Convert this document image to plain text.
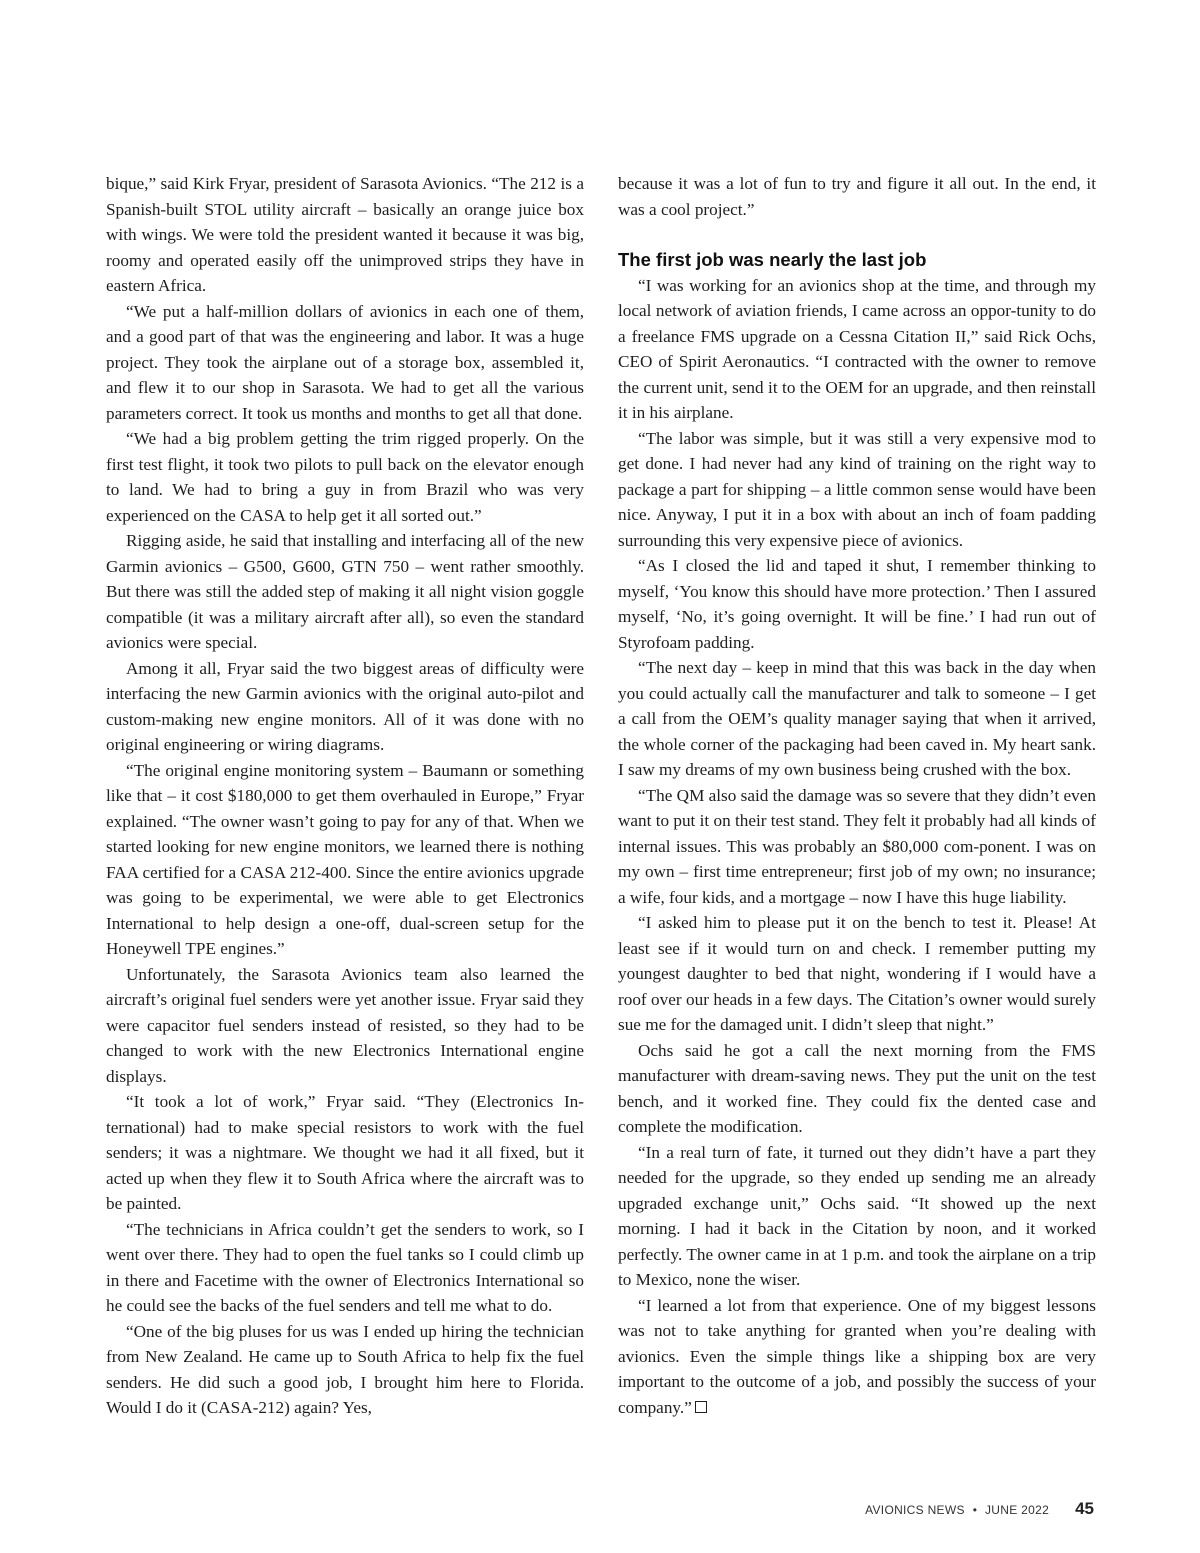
bique,” said Kirk Fryar, president of Sarasota Avionics. “The 212 is a Spanish-built STOL utility aircraft – basically an orange juice box with wings. We were told the president wanted it because it was big, roomy and operated easily off the unimproved strips they have in eastern Africa.

“We put a half-million dollars of avionics in each one of them, and a good part of that was the engineering and labor. It was a huge project. They took the airplane out of a storage box, assembled it, and flew it to our shop in Sarasota. We had to get all the various parameters correct. It took us months and months to get all that done.

“We had a big problem getting the trim rigged properly. On the first test flight, it took two pilots to pull back on the elevator enough to land. We had to bring a guy in from Brazil who was very experienced on the CASA to help get it all sorted out.”

Rigging aside, he said that installing and interfacing all of the new Garmin avionics – G500, G600, GTN 750 – went rather smoothly. But there was still the added step of making it all night vision goggle compatible (it was a military aircraft after all), so even the standard avionics were special.

Among it all, Fryar said the two biggest areas of difficulty were interfacing the new Garmin avionics with the original auto-pilot and custom-making new engine monitors. All of it was done with no original engineering or wiring diagrams.

“The original engine monitoring system – Baumann or something like that – it cost $180,000 to get them overhauled in Europe,” Fryar explained. “The owner wasn’t going to pay for any of that. When we started looking for new engine monitors, we learned there is nothing FAA certified for a CASA 212-400. Since the entire avionics upgrade was going to be experimental, we were able to get Electronics International to help design a one-off, dual-screen setup for the Honeywell TPE engines.”

Unfortunately, the Sarasota Avionics team also learned the aircraft’s original fuel senders were yet another issue. Fryar said they were capacitor fuel senders instead of resisted, so they had to be changed to work with the new Electronics International engine displays.

“It took a lot of work,” Fryar said. “They (Electronics In-ternational) had to make special resistors to work with the fuel senders; it was a nightmare. We thought we had it all fixed, but it acted up when they flew it to South Africa where the aircraft was to be painted.

“The technicians in Africa couldn’t get the senders to work, so I went over there. They had to open the fuel tanks so I could climb up in there and Facetime with the owner of Electronics International so he could see the backs of the fuel senders and tell me what to do.

“One of the big pluses for us was I ended up hiring the technician from New Zealand. He came up to South Africa to help fix the fuel senders. He did such a good job, I brought him here to Florida. Would I do it (CASA-212) again? Yes,

because it was a lot of fun to try and figure it all out. In the end, it was a cool project.”

The first job was nearly the last job

“I was working for an avionics shop at the time, and through my local network of aviation friends, I came across an oppor-tunity to do a freelance FMS upgrade on a Cessna Citation II,” said Rick Ochs, CEO of Spirit Aeronautics. “I contracted with the owner to remove the current unit, send it to the OEM for an upgrade, and then reinstall it in his airplane.

“The labor was simple, but it was still a very expensive mod to get done. I had never had any kind of training on the right way to package a part for shipping – a little common sense would have been nice. Anyway, I put it in a box with about an inch of foam padding surrounding this very expensive piece of avionics.

“As I closed the lid and taped it shut, I remember thinking to myself, ‘You know this should have more protection.’ Then I assured myself, ‘No, it’s going overnight. It will be fine.’ I had run out of Styrofoam padding.

“The next day – keep in mind that this was back in the day when you could actually call the manufacturer and talk to someone – I get a call from the OEM’s quality manager saying that when it arrived, the whole corner of the packaging had been caved in. My heart sank. I saw my dreams of my own business being crushed with the box.

“The QM also said the damage was so severe that they didn’t even want to put it on their test stand. They felt it probably had all kinds of internal issues. This was probably an $80,000 com-ponent. I was on my own – first time entrepreneur; first job of my own; no insurance; a wife, four kids, and a mortgage – now I have this huge liability.

“I asked him to please put it on the bench to test it. Please! At least see if it would turn on and check. I remember putting my youngest daughter to bed that night, wondering if I would have a roof over our heads in a few days. The Citation’s owner would surely sue me for the damaged unit. I didn’t sleep that night.”

Ochs said he got a call the next morning from the FMS manufacturer with dream-saving news. They put the unit on the test bench, and it worked fine. They could fix the dented case and complete the modification.

“In a real turn of fate, it turned out they didn’t have a part they needed for the upgrade, so they ended up sending me an already upgraded exchange unit,” Ochs said. “It showed up the next morning. I had it back in the Citation by noon, and it worked perfectly. The owner came in at 1 p.m. and took the airplane on a trip to Mexico, none the wiser.

“I learned a lot from that experience. One of my biggest lessons was not to take anything for granted when you’re dealing with avionics. Even the simple things like a shipping box are very important to the outcome of a job, and possibly the success of your company.”

AVIONICS NEWS • JUNE 2022 45
